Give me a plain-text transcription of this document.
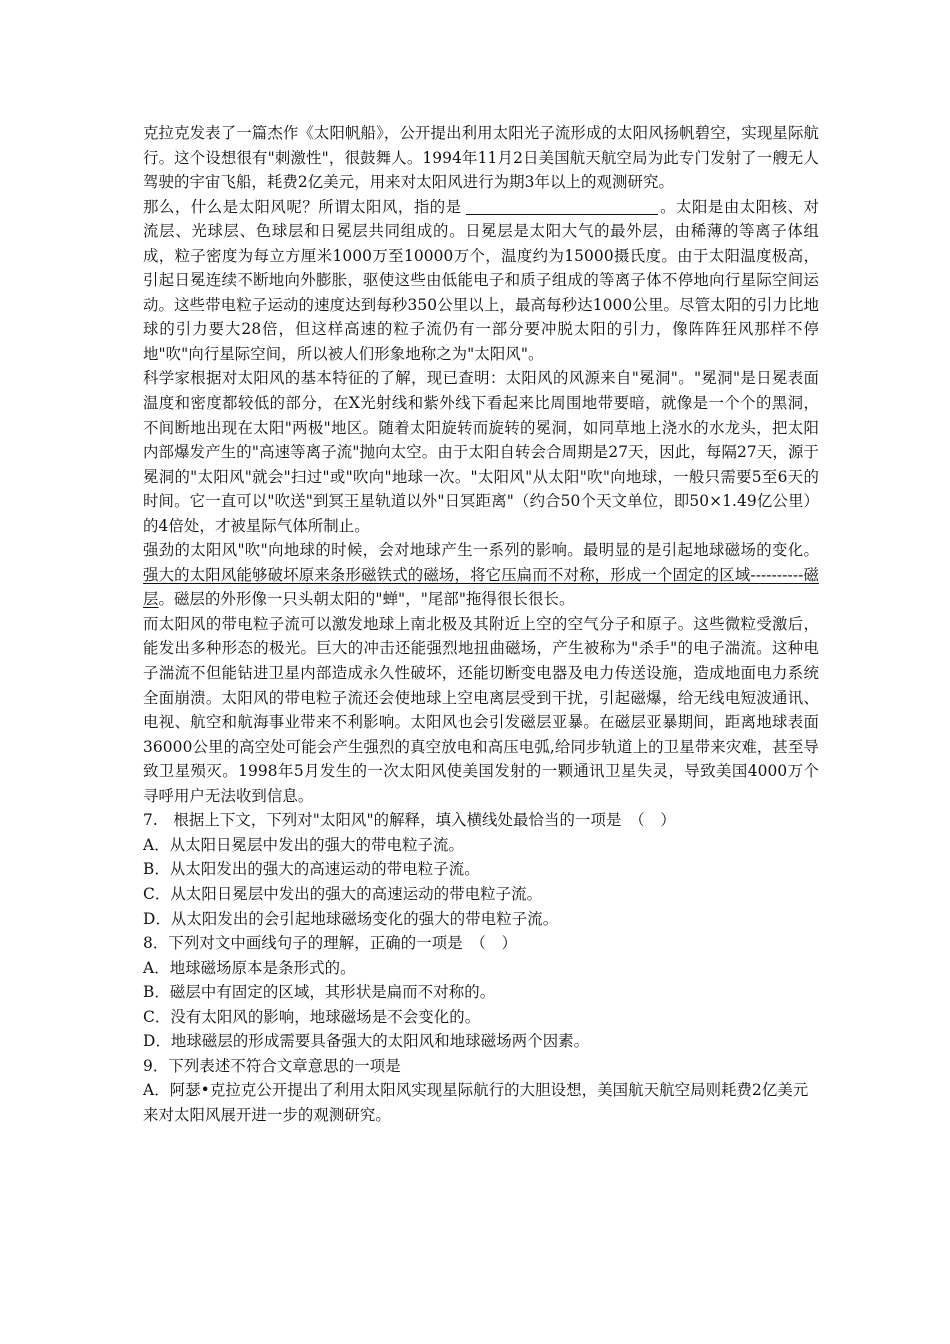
克拉克发表了一篇杰作《太阳帆船》，公开提出利用太阳光子流形成的太阳风扬帆碧空，实现星际航行。这个设想很有"刺激性"，很鼓舞人。1994年11月2日美国航天航空局为此专门发射了一艘无人驾驶的宇宙飞船，耗费2亿美元，用来对太阳风进行为期3年以上的观测研究。

那么，什么是太阳风呢？所谓太阳风，指的是	。太阳是由太阳核、对流层、光球层、色球层和日冕层共同组成的。日冕层是太阳大气的最外层，由稀薄的等离子体组成，粒子密度为每立方厘米1000万至10000万个，温度约为15000摄氏度。由于太阳温度极高，引起日冕连续不断地向外膨胀，驱使这些由低能电子和质子组成的等离子体不停地向行星际空间运动。这些带电粒子运动的速度达到每秒350公里以上，最高每秒达1000公里。尽管太阳的引力比地球的引力要大28倍，但这样高速的粒子流仍有一部分要冲脱太阳的引力，像阵阵狂风那样不停地"吹"向行星际空间，所以被人们形象地称之为"太阳风"。

科学家根据对太阳风的基本特征的了解，现已查明：太阳风的风源来自"冕洞"。"冕洞"是日冕表面温度和密度都较低的部分，在X光射线和紫外线下看起来比周围地带要暗，就像是一个个的黑洞，不间断地出现在太阳"两极"地区。随着太阳旋转而旋转的冕洞，如同草地上浇水的水龙头，把太阳内部爆发产生的"高速等离子流"抛向太空。由于太阳自转会合周期是27天，因此，每隔27天，源于冕洞的"太阳风"就会"扫过"或"吹向"地球一次。"太阳风"从太阳"吹"向地球，一般只需要5至6天的时间。它一直可以"吹送"到冥王星轨道以外"日冥距离"（约合50个天文单位，即50×1.49亿公里）的4倍处，才被星际气体所制止。

强劲的太阳风"吹"向地球的时候，会对地球产生一系列的影响。最明显的是引起地球磁场的变化。强大的太阳风能够破坏原来条形磁铁式的磁场，将它压扁而不对称，形成一个固定的区域----------磁层。磁层的外形像一只头朝太阳的"蝉"，"尾部"拖得很长很长。

而太阳风的带电粒子流可以激发地球上南北极及其附近上空的空气分子和原子。这些微粒受激后，能发出多种形态的极光。巨大的冲击还能强烈地扭曲磁场，产生被称为"杀手"的电子湍流。这种电子湍流不但能钻进卫星内部造成永久性破坏，还能切断变电器及电力传送设施，造成地面电力系统全面崩溃。太阳风的带电粒子流还会使地球上空电离层受到干扰，引起磁爆，给无线电短波通讯、电视、航空和航海事业带来不利影响。太阳风也会引发磁层亚暴。在磁层亚暴期间，距离地球表面36000公里的高空处可能会产生强烈的真空放电和高压电弧,给同步轨道上的卫星带来灾难，甚至导致卫星殒灭。1998年5月发生的一次太阳风使美国发射的一颗通讯卫星失灵，导致美国4000万个寻呼用户无法收到信息。

7.　根据上下文，下列对"太阳风"的解释，填入横线处最恰当的一项是　（　）

A．从太阳日冕层中发出的强大的带电粒子流。

B．从太阳发出的强大的高速运动的带电粒子流。

C．从太阳日冕层中发出的强大的高速运动的带电粒子流。

D．从太阳发出的会引起地球磁场变化的强大的带电粒子流。

8．下列对文中画线句子的理解，正确的一项是　（　）

A．地球磁场原本是条形式的。

B．磁层中有固定的区域，其形状是扁而不对称的。

C．没有太阳风的影响，地球磁场是不会变化的。

D．地球磁层的形成需要具备强大的太阳风和地球磁场两个因素。

9．下列表述不符合文章意思的一项是

A．阿瑟•克拉克公开提出了利用太阳风实现星际航行的大胆设想，美国航天航空局则耗费2亿美元来对太阳风展开进一步的观测研究。
